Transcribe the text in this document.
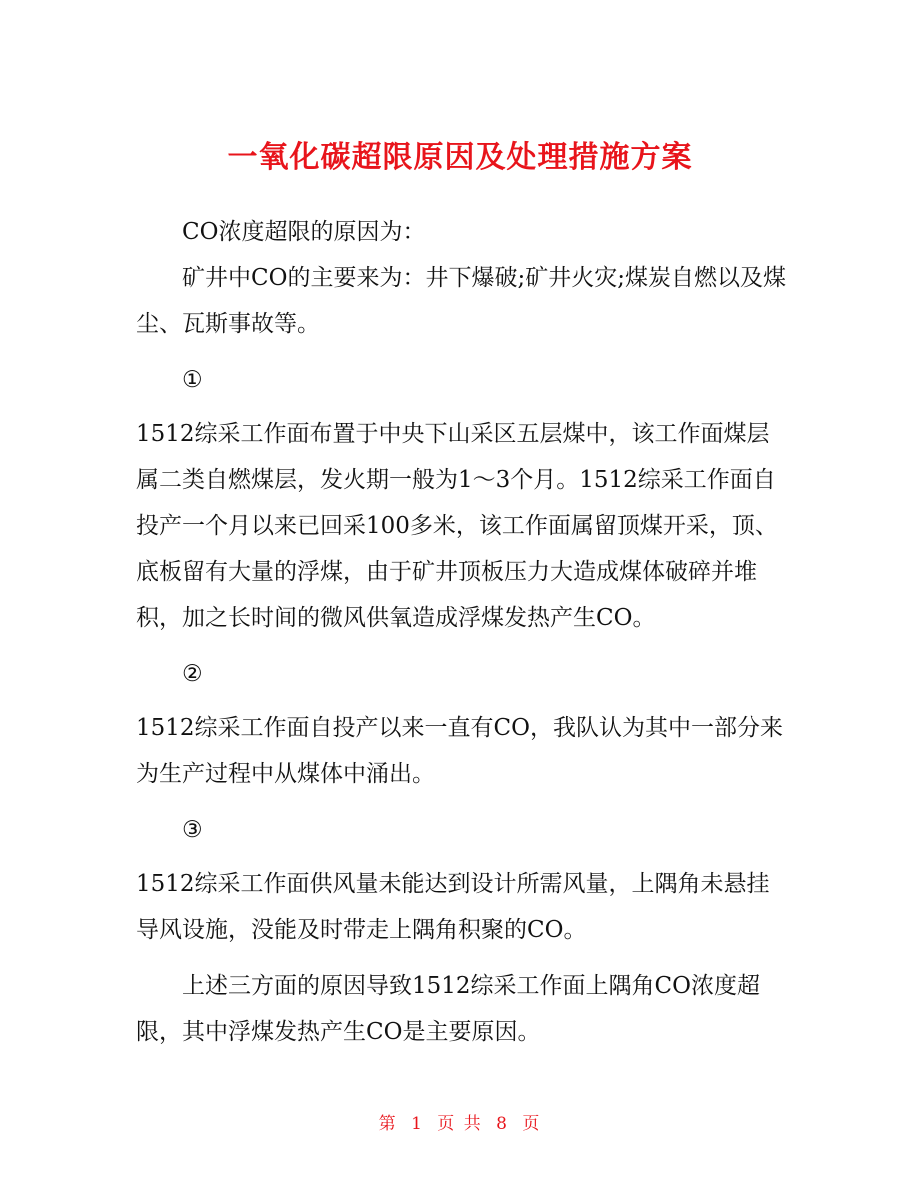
一氧化碳超限原因及处理措施方案

CO浓度超限的原因为：

矿井中CO的主要来为：井下爆破;矿井火灾;煤炭自燃以及煤尘、瓦斯事故等。

①

1512综采工作面布置于中央下山采区五层煤中，该工作面煤层属二类自燃煤层，发火期一般为1～3个月。1512综采工作面自投产一个月以来已回采100多米，该工作面属留顶煤开采，顶、底板留有大量的浮煤，由于矿井顶板压力大造成煤体破碎并堆积，加之长时间的微风供氧造成浮煤发热产生CO。

②

1512综采工作面自投产以来一直有CO，我队认为其中一部分来为生产过程中从煤体中涌出。

③

1512综采工作面供风量未能达到设计所需风量，上隅角未悬挂导风设施，没能及时带走上隅角积聚的CO。

上述三方面的原因导致1512综采工作面上隅角CO浓度超限，其中浮煤发热产生CO是主要原因。

第 1 页 共 8 页
